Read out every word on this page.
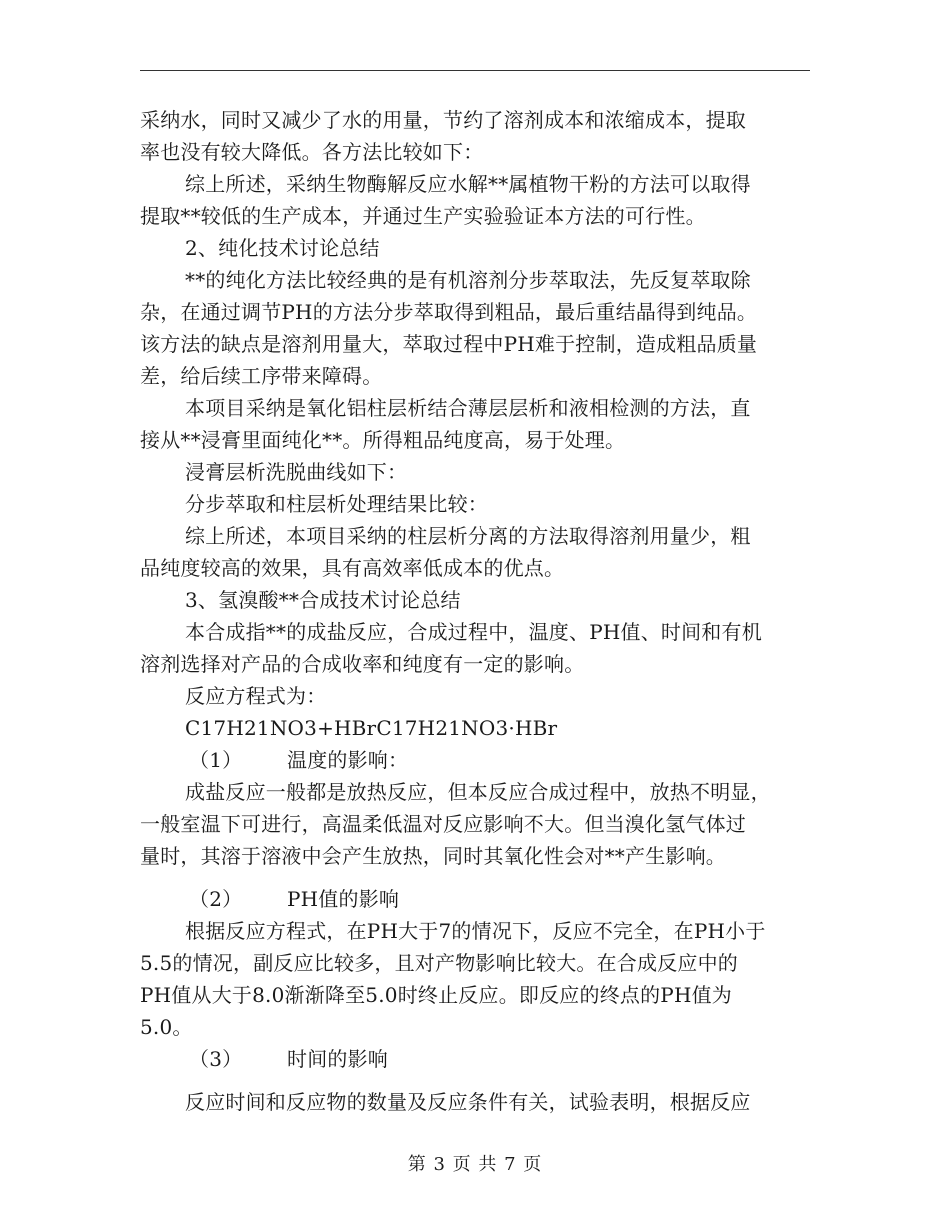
采纳水，同时又减少了水的用量，节约了溶剂成本和浓缩成本，提取
率也没有较大降低。各方法比较如下：
综上所述，采纳生物酶解反应水解**属植物干粉的方法可以取得
提取**较低的生产成本，并通过生产实验验证本方法的可行性。
2、纯化技术讨论总结
**的纯化方法比较经典的是有机溶剂分步萃取法，先反复萃取除
杂，在通过调节PH的方法分步萃取得到粗品，最后重结晶得到纯品。
该方法的缺点是溶剂用量大，萃取过程中PH难于控制，造成粗品质量
差，给后续工序带来障碍。
本项目采纳是氧化铝柱层析结合薄层层析和液相检测的方法，直
接从**浸膏里面纯化**。所得粗品纯度高，易于处理。
浸膏层析洗脱曲线如下：
分步萃取和柱层析处理结果比较：
综上所述，本项目采纳的柱层析分离的方法取得溶剂用量少，粗
品纯度较高的效果，具有高效率低成本的优点。
3、氢溴酸**合成技术讨论总结
本合成指**的成盐反应，合成过程中，温度、PH值、时间和有机
溶剂选择对产品的合成收率和纯度有一定的影响。
反应方程式为：
C17H21NO3+HBrC17H21NO3·HBr
（1） 温度的影响：
成盐反应一般都是放热反应，但本反应合成过程中，放热不明显，
一般室温下可进行，高温柔低温对反应影响不大。但当溴化氢气体过
量时，其溶于溶液中会产生放热，同时其氧化性会对**产生影响。
（2） PH值的影响
根据反应方程式，在PH大于7的情况下，反应不完全，在PH小于
5.5的情况，副反应比较多，且对产物影响比较大。在合成反应中的
PH值从大于8.0渐渐降至5.0时终止反应。即反应的终点的PH值为
5.0。
（3） 时间的影响
反应时间和反应物的数量及反应条件有关，试验表明，根据反应
第 3 页 共 7 页
